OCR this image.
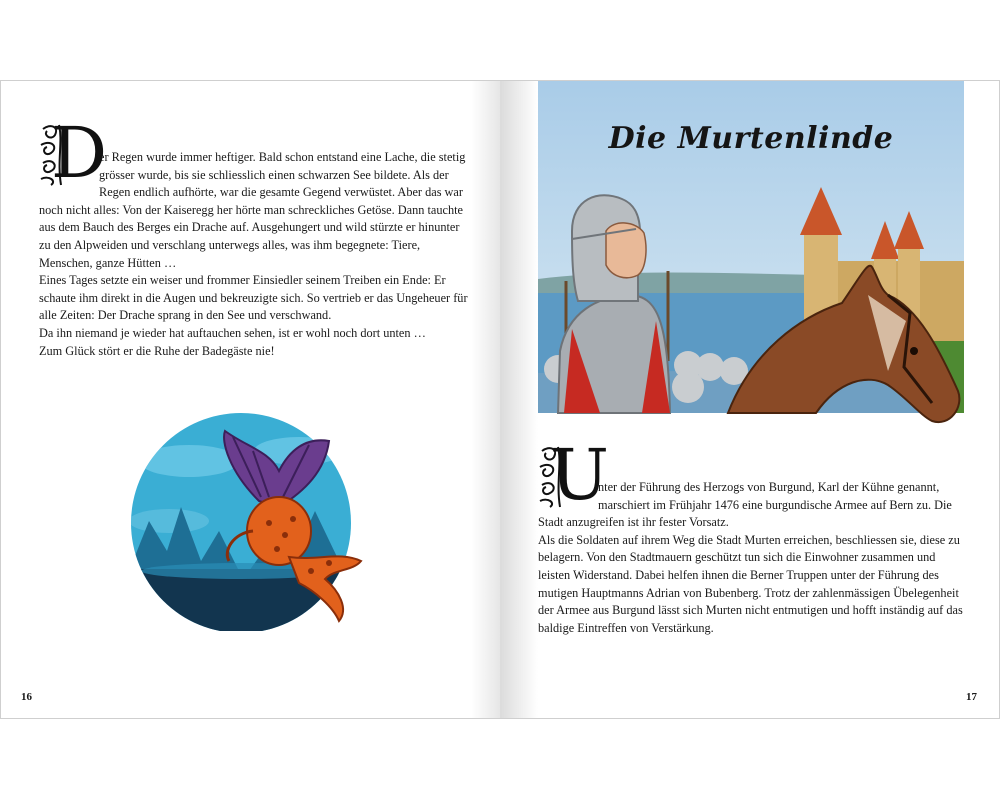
D

er Regen wurde immer heftiger. Bald schon entstand eine Lache, die stetig grösser wurde, bis sie schliesslich einen schwarzen See bildete. Als der Regen endlich aufhörte, war die gesamte Gegend verwüstet. Aber das war noch nicht alles: Von der Kaiseregg her hörte man schreckliches Getöse. Dann tauchte aus dem Bauch des Berges ein Drache auf. Ausgehungert und wild stürzte er hinunter zu den Alpweiden und verschlang unterwegs alles, was ihm begegnete: Tiere, Menschen, ganze Hütten …

Eines Tages setzte ein weiser und frommer Einsiedler seinem Treiben ein Ende: Er schaute ihm direkt in die Augen und bekreuzigte sich. So vertrieb er das Ungeheuer für alle Zeiten: Der Drache sprang in den See und verschwand.

Da ihn niemand je wieder hat auftauchen sehen, ist er wohl noch dort unten …

Zum Glück stört er die Ruhe der Badegäste nie!

16
Die Murtenlinde
U

nter der Führung des Herzogs von Burgund, Karl der Kühne genannt, marschiert im Frühjahr 1476 eine burgundische Armee auf Bern zu. Die Stadt anzugreifen ist ihr fester Vorsatz.

Als die Soldaten auf ihrem Weg die Stadt Murten erreichen, beschliessen sie, diese zu belagern. Von den Stadtmauern geschützt tun sich die Einwohner zusammen und leisten Widerstand. Dabei helfen ihnen die Berner Truppen unter der Führung des mutigen Hauptmanns Adrian von Bubenberg. Trotz der zahlenmässigen Übelegenheit der Armee aus Burgund lässt sich Murten nicht entmutigen und hofft inständig auf das baldige Eintreffen von Verstärkung.

17
